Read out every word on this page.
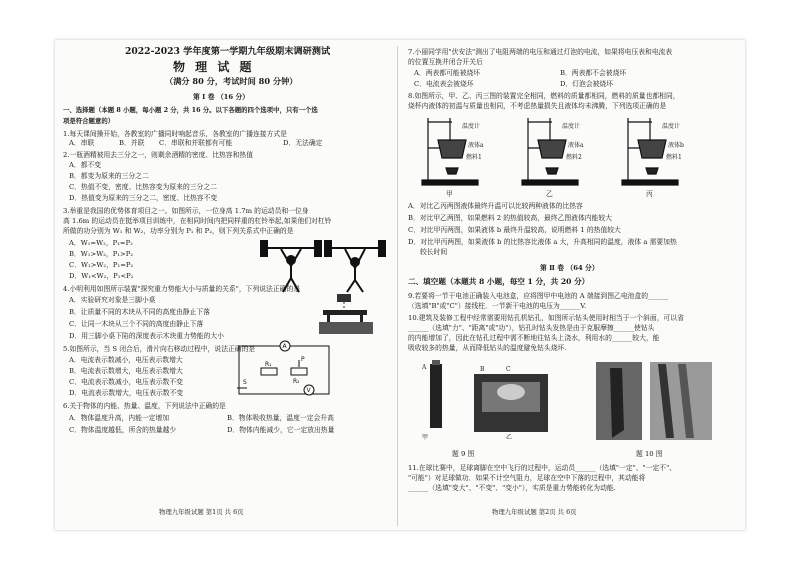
2022-2023 学年度第一学期九年级期末调研测试
物 理 试 题
（满分 80 分，考试时间 80 分钟）
第 Ⅰ 卷 （16 分）
一、选择题（本题 8 小题，每小题 2 分，共 16 分。以下各题的四个选项中，只有一个选
项是符合题意的）
1.每天课间操开始，各教室的广播同时响起音乐，各教室的广播连接方式是
A．串联	B．并联 C．串联和并联都有可能	D．无法确定
2.一瓶酒精被用去三分之一，则剩余酒精的密度、比热容和热值
A．都不变
B．都变为原来的三分之二
C．热值不变，密度、比热容变为原来的三分之二
D．热值变为原来的三分之二，密度、比热容不变
3.举重是我国的优势体育项目之一。如图所示，一位身高 1.7m 的运动员和一位身
高 1.6m 的运动员在挺举项目训练中，在相同时间内把同样重的杠铃举起,如果他们对杠铃
所做的功分别为 W₁ 和 W₂，功率分别为 P₁ 和 P₂，则下列关系式中正确的是
A．W₁=W₂，P₁=P₂
B．W₁>W₂，P₁>P₂
C．W₁>W₂，P₁=P₂
D．W₁<W₂，P₁<P₂
4.小明利用如图所示装置"探究重力势能大小与质量的关系"，下列说法正确的是
A．实验研究对象是三脚小桌
B．让质量不同的木块从不同的高度由静止下落
C．让同一木块从三个不同的高度由静止下落
D．用三脚小桌下陷的深度表示木块重力势能的大小
5.如图所示，当 S 闭合后，滑片向右移动过程中，说法正确的是
A．电流表示数减小，电压表示数增大
B．电流表示数增大，电压表示数增大
C．电流表示数减小，电压表示数不变
D．电流表示数增大，电压表示数不变
A
V
R₁
P
R₂
S
6.关于物体的内能、热量、温度，下列说法中正确的是
A．物体温度升高，内能一定增加	B．物体吸收热量，温度一定会升高
C．物体温度越低，所含的热量越少	D．物体内能减少，它一定放出热量
物理九年级试题 第1页 共 6页
7.小丽同学用"伏安法"测出了电阻两端的电压和通过灯泡的电流，如果将电压表和电流表
的位置互换并闭合开关后
A．两表都可能被烧坏	B．两表都不会被烧坏
C．电流表会被烧坏	D．灯泡会被烧坏
8.如图所示，甲、乙、丙三图的装置完全相同，燃料的质量都相同，燃料的质量也都相同，
烧杯内液体的初温与质量也相同，不考虑热量损失且液体均未沸腾，下列选项正确的是
温度计
液体a
燃料1
温度计
液体a
燃料2
温度计
液体b
燃料1
甲	乙	丙
A．对比乙丙两图液体最终升温可以比较两种液体的比热容
B．对比甲乙两图，如果燃料 2 的热值较高，最终乙图液体内能较大
C．对比甲丙两图，如果液体 b 最终升温较高，说明燃料 1 的热值较大
D．对比甲丙两图，如果液体 b 的比热容比液体 a 大，升高相同的温度，液体 a 需要加热
较长时间
第 Ⅱ 卷 （64 分）
二、填空题（本题共 8 小题，每空 1 分，共 20 分）
9.若要将一节干电池正确装入电池盒，应将图甲中电池的 A 端接到图乙电池盒的______
（选填"B"或"C"）接线柱．一节新干电池的电压为______V.
10.建筑及装修工程中经常需要用钻孔机钻孔，如图所示钻头使用时相当于一个斜面，可以省
______（选填"力"、"距离"或"功"），钻孔时钻头发热是由于克服摩擦______使钻头
的内能增加了，因此在钻孔过程中需不断地往钻头上浇水，利用水的______较大，能
吸收较多的热量，从而降低钻头的温度避免钻头烧坏.
A	B	C
甲	乙
题 9 图	题 10 图
11.在球比赛中，足球离脚在空中飞行的过程中，运动员______（选填"一定"、"一定不"、
"可能"）对足球做功．如果不计空气阻力，足球在空中下落的过程中，其动能将
______（选填"变大"、"不变"、"变小"），实质是重力势能转化为动能.
物理九年级试题 第2页 共 6页
